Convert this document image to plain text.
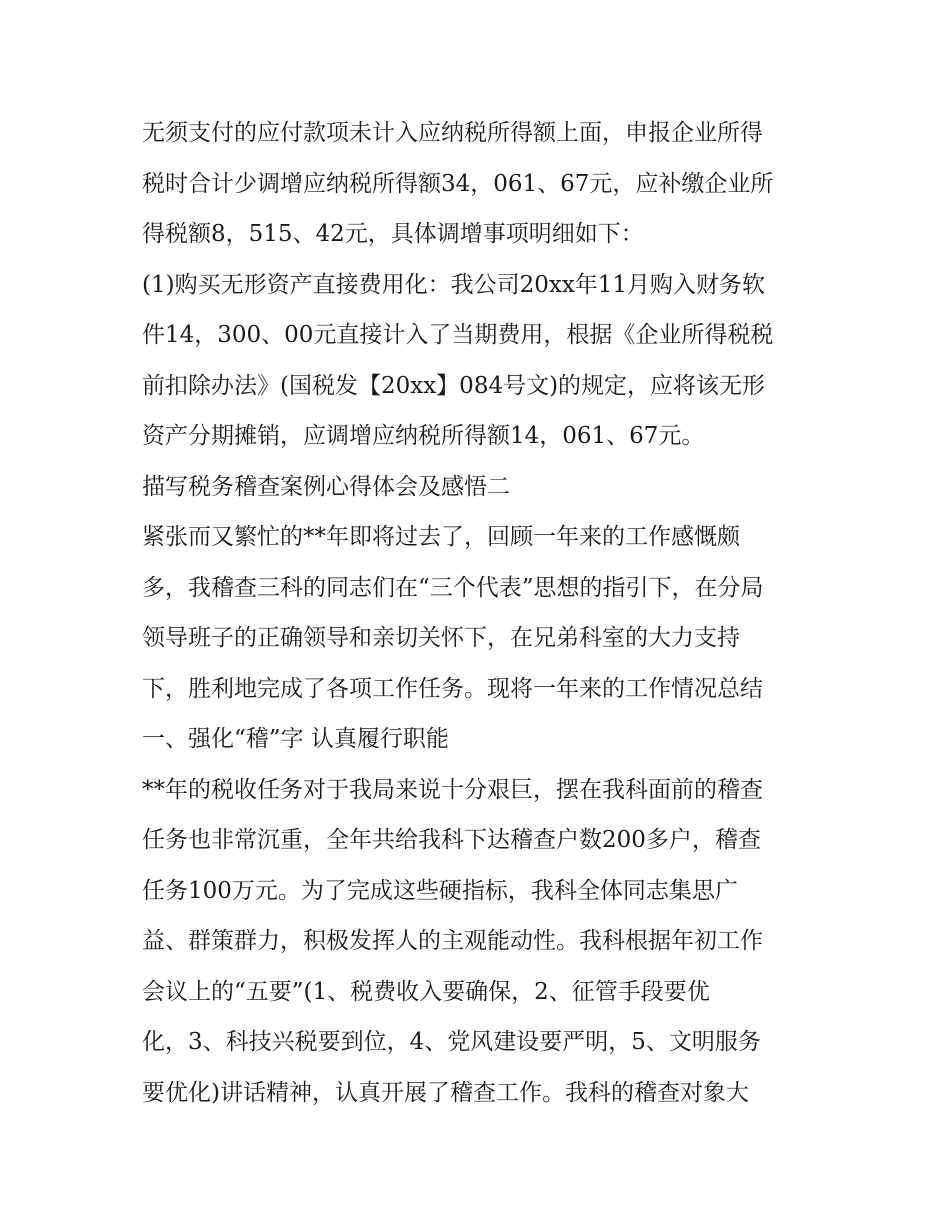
无须支付的应付款项未计入应纳税所得额上面，申报企业所得
税时合计少调增应纳税所得额34，061、67元，应补缴企业所
得税额8，515、42元，具体调增事项明细如下：
(1)购买无形资产直接费用化：我公司20xx年11月购入财务软
件14，300、00元直接计入了当期费用，根据《企业所得税税
前扣除办法》(国税发【20xx】084号文)的规定，应将该无形
资产分期摊销，应调增应纳税所得额14，061、67元。
描写税务稽查案例心得体会及感悟二
紧张而又繁忙的**年即将过去了，回顾一年来的工作感慨颇
多，我稽查三科的同志们在“三个代表”思想的指引下，在分局
领导班子的正确领导和亲切关怀下，在兄弟科室的大力支持
下，胜利地完成了各项工作任务。现将一年来的工作情况总结
一、强化“稽”字 认真履行职能
**年的税收任务对于我局来说十分艰巨，摆在我科面前的稽查
任务也非常沉重，全年共给我科下达稽查户数200多户，稽查
任务100万元。为了完成这些硬指标，我科全体同志集思广
益、群策群力，积极发挥人的主观能动性。我科根据年初工作
会议上的“五要”(1、税费收入要确保，2、征管手段要优
化，3、科技兴税要到位，4、党风建设要严明，5、文明服务
要优化)讲话精神，认真开展了稽查工作。我科的稽查对象大
